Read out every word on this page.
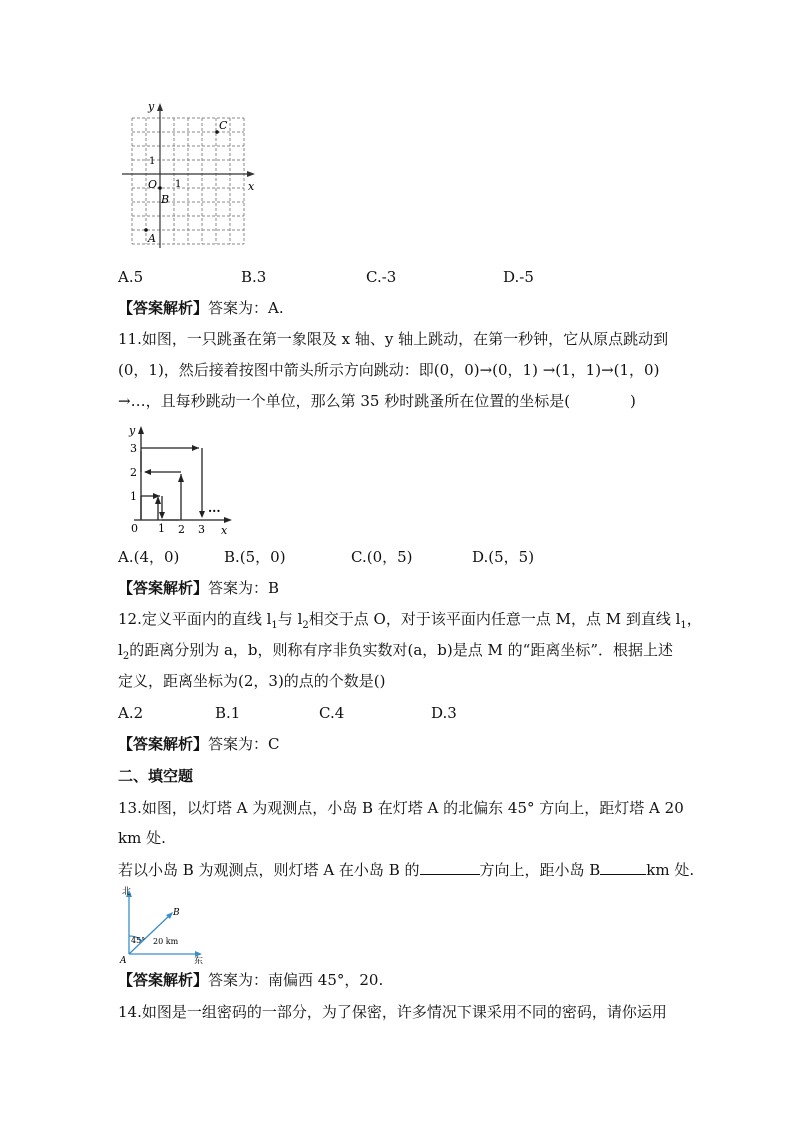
y
x
O 1
1
C
B
A
A.5	B.3	C.-3	D.-5
【答案解析】答案为：A.
11.如图，一只跳蚤在第一象限及 x 轴、y 轴上跳动，在第一秒钟，它从原点跳动到
(0，1)，然后接着按图中箭头所示方向跳动：即(0，0)→(0，1) →(1，1)→(1，0)
→…，且每秒跳动一个单位，那么第 35 秒时跳蚤所在位置的坐标是(　　　　)
y
3
2
1
0 1 2 3
...
x
A.(4，0)	B.(5，0)	C.(0，5)	D.(5，5)
【答案解析】答案为：B
12.定义平面内的直线 $l_1$与 $l_2$相交于点 O，对于该平面内任意一点 M，点 M 到直线 $l_1$，
$l_2$的距离分别为 a，b，则称有序非负实数对(a，b)是点 M 的“距离坐标”．根据上述
定义，距离坐标为(2，3)的点的个数是()
A.2	B.1	C.4	D.3
【答案解析】答案为：C
二、填空题
13.如图，以灯塔 A 为观测点，小岛 B 在灯塔 A 的北偏东 45° 方向上，距灯塔 A 20
km 处.
若以小岛 B 为观测点，则灯塔 A 在小岛 B 的	方向上，距小岛 B	km 处.
北
东
B
A
45° 20 km
【答案解析】答案为：南偏西 45°，20.
14.如图是一组密码的一部分，为了保密，许多情况下课采用不同的密码，请你运用
